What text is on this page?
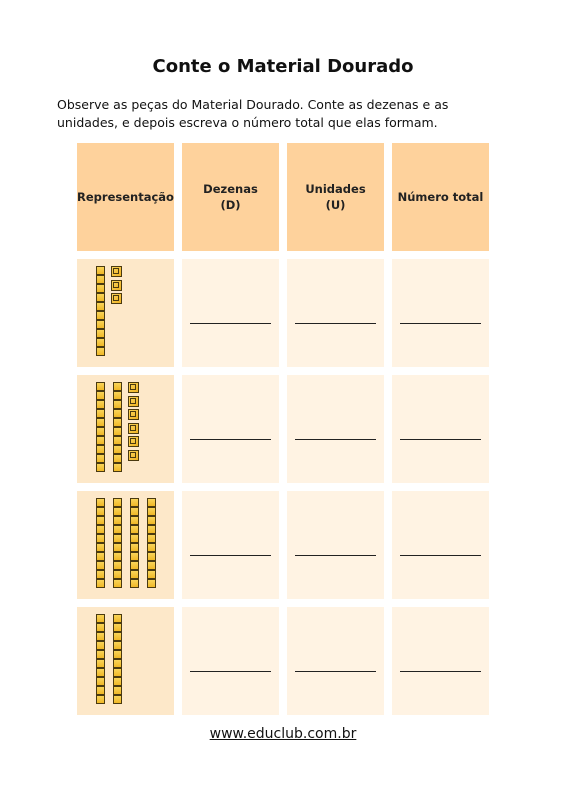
Conte o Material Dourado
Observe as peças do Material Dourado. Conte as dezenas e as unidades, e depois escreva o número total que elas formam.
Representação
Dezenas
(D)
Unidades
(U)
Número total
www.educlub.com.br
